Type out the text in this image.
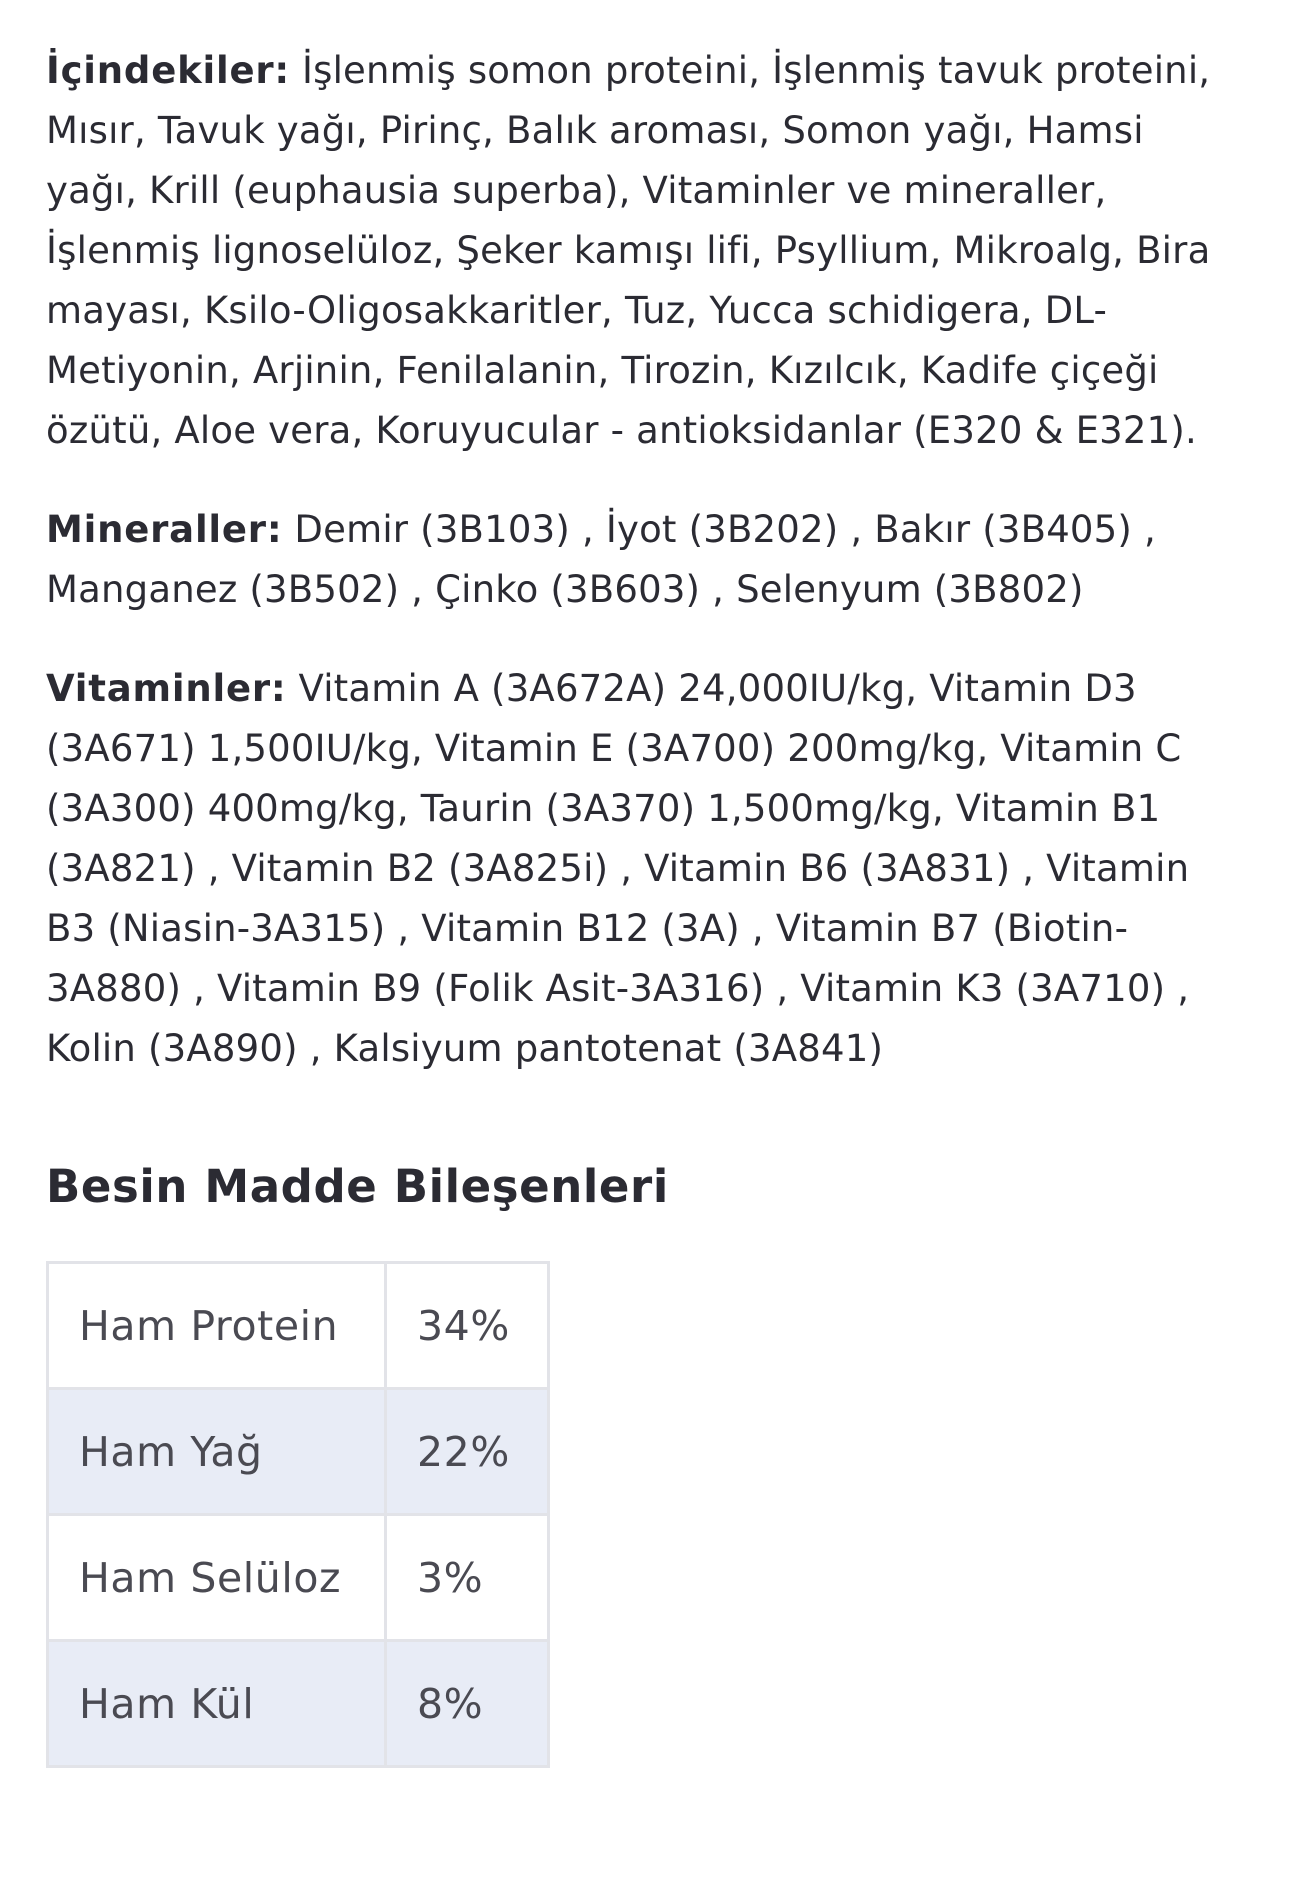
İçindekiler: İşlenmiş somon proteini, İşlenmiş tavuk proteini, Mısır, Tavuk yağı, Pirinç, Balık aroması, Somon yağı, Hamsi yağı, Krill (euphausia superba), Vitaminler ve mineraller, İşlenmiş lignoselüloz, Şeker kamışı lifi, Psyllium, Mikroalg, Bira mayası, Ksilo-Oligosakkaritler, Tuz, Yucca schidigera, DL- Metiyonin, Arjinin, Fenilalanin, Tirozin, Kızılcık, Kadife çiçeği özütü, Aloe vera, Koruyucular - antioksidanlar (E320 & E321).

Mineraller: Demir (3B103) , İyot (3B202) , Bakır (3B405) , Manganez (3B502) , Çinko (3B603) , Selenyum (3B802)

Vitaminler: Vitamin A (3A672A) 24,000IU/kg, Vitamin D3 (3A671) 1,500IU/kg, Vitamin E (3A700) 200mg/kg, Vitamin C (3A300) 400mg/kg, Taurin (3A370) 1,500mg/kg, Vitamin B1 (3A821) , Vitamin B2 (3A825i) , Vitamin B6 (3A831) , Vitamin B3 (Niasin-3A315) , Vitamin B12 (3A) , Vitamin B7 (Biotin-3A880) , Vitamin B9 (Folik Asit-3A316) , Vitamin K3 (3A710) , Kolin (3A890) , Kalsiyum pantotenat (3A841)

Besin Madde Bileşenleri
Ham Protein	34%
Ham Yağ	22%
Ham Selüloz	3%
Ham Kül	8%
